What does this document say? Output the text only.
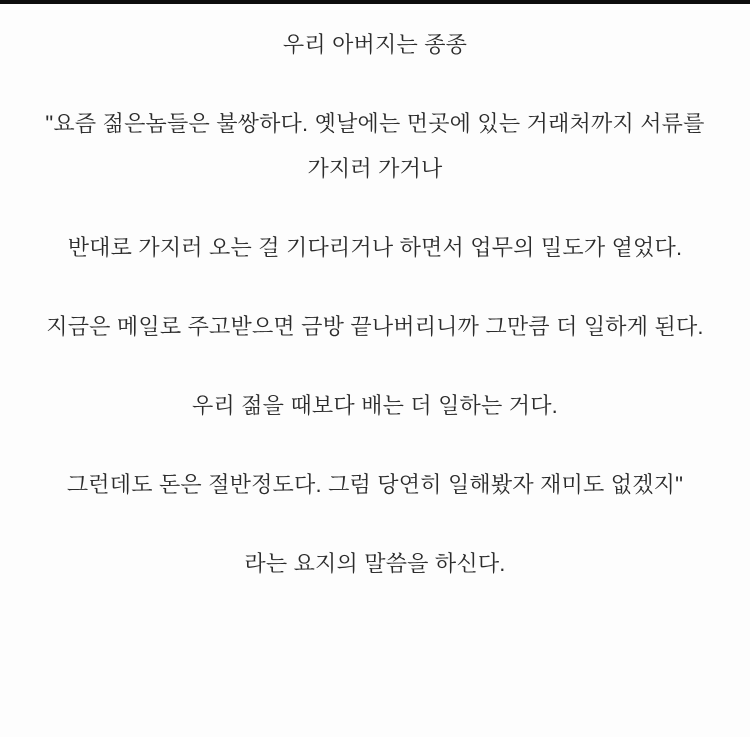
우리 아버지는 종종

"요즘 젊은놈들은 불쌍하다. 옛날에는 먼곳에 있는 거래처까지 서류를 가지러 가거나

반대로 가지러 오는 걸 기다리거나 하면서 업무의 밀도가 옅었다.

지금은 메일로 주고받으면 금방 끝나버리니까 그만큼 더 일하게 된다.

우리 젊을 때보다 배는 더 일하는 거다.

그런데도 돈은 절반정도다. 그럼 당연히 일해봤자 재미도 없겠지"

라는 요지의 말씀을 하신다.
